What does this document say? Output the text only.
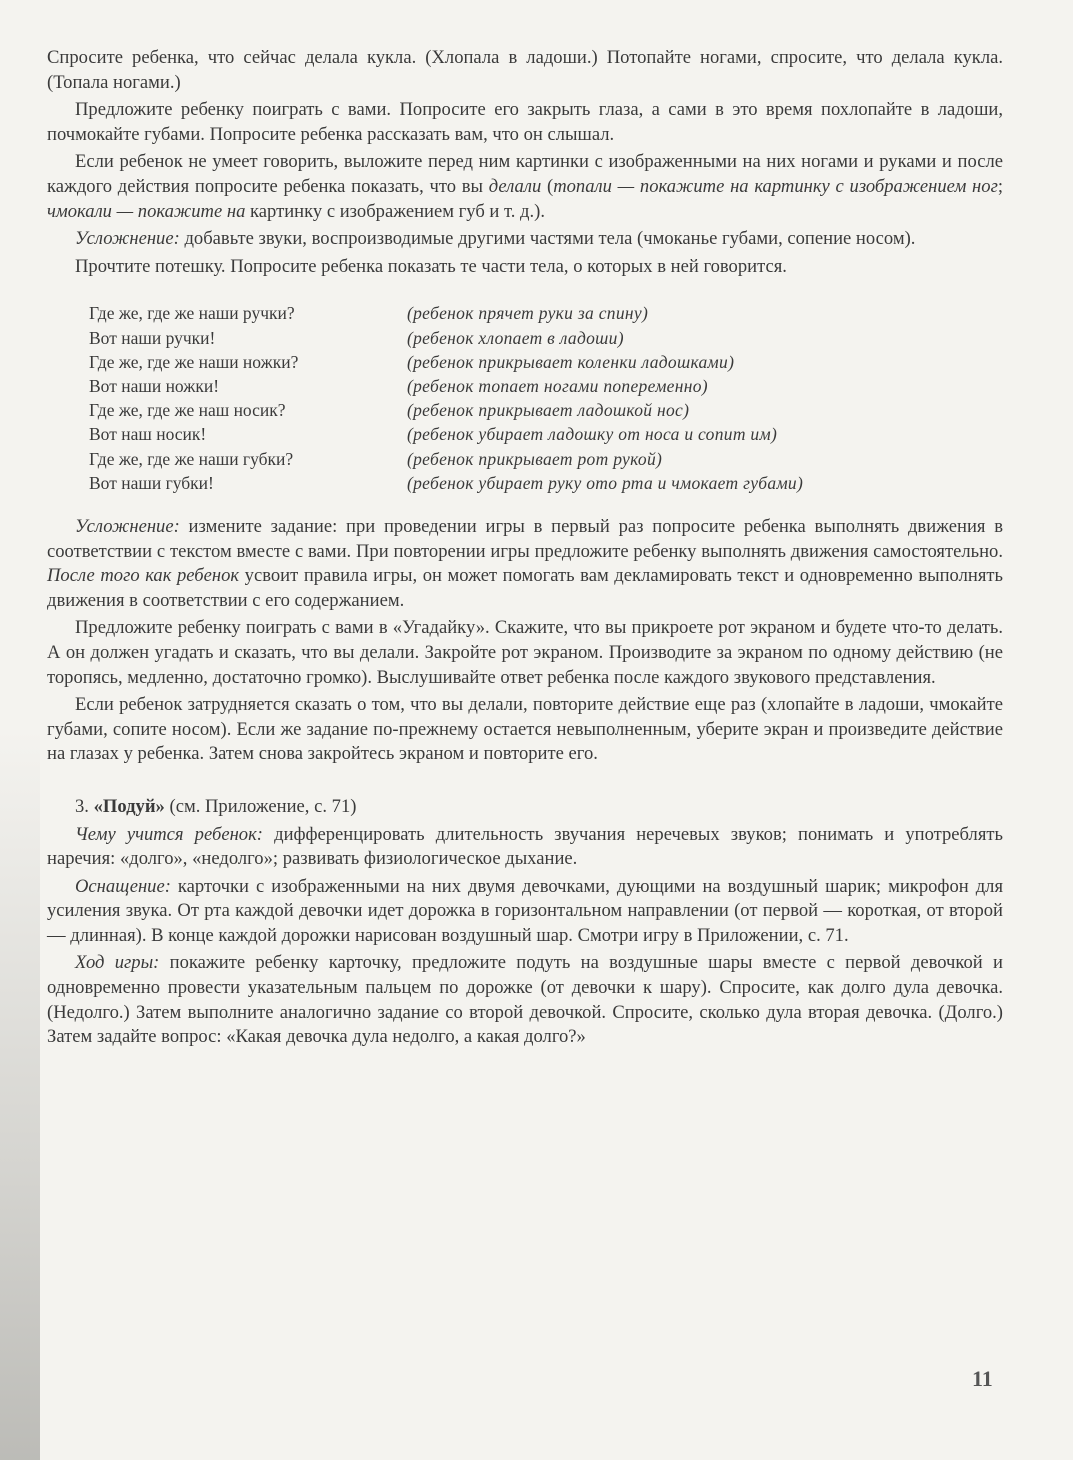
Спросите ребенка, что сейчас делала кукла. (Хлопала в ладоши.) Потопайте ногами, спросите, что делала кукла. (Топала ногами.)

Предложите ребенку поиграть с вами. Попросите его закрыть глаза, а сами в это время похлопайте в ладоши, почмокайте губами. Попросите ребенка рассказать вам, что он слышал.

Если ребенок не умеет говорить, выложите перед ним картинки с изображенными на них ногами и руками и после каждого действия попросите ребенка показать, что вы делали (топали — покажите на картинку с изображением ног; чмокали — покажите на картинку с изображением губ и т. д.).

Усложнение: добавьте звуки, воспроизводимые другими частями тела (чмоканье губами, сопение носом).

Прочтите потешку. Попросите ребенка показать те части тела, о которых в ней говорится.

Где же, где же наши ручки?	(ребенок прячет руки за спину)
Вот наши ручки!	(ребенок хлопает в ладоши)
Где же, где же наши ножки?	(ребенок прикрывает коленки ладошками)
Вот наши ножки!	(ребенок топает ногами попеременно)
Где же, где же наш носик?	(ребенок прикрывает ладошкой нос)
Вот наш носик!	(ребенок убирает ладошку от носа и сопит им)
Где же, где же наши губки?	(ребенок прикрывает рот рукой)
Вот наши губки!	(ребенок убирает руку ото рта и чмокает губами)

Усложнение: измените задание: при проведении игры в первый раз попросите ребенка выполнять движения в соответствии с текстом вместе с вами. При повторении игры предложите ребенку выполнять движения самостоятельно. После того как ребенок усвоит правила игры, он может помогать вам декламировать текст и одновременно выполнять движения в соответствии с его содержанием.

Предложите ребенку поиграть с вами в «Угадайку». Скажите, что вы прикроете рот экраном и будете что-то делать. А он должен угадать и сказать, что вы делали. Закройте рот экраном. Производите за экраном по одному действию (не торопясь, медленно, достаточно громко). Выслушивайте ответ ребенка после каждого звукового представления.

Если ребенок затрудняется сказать о том, что вы делали, повторите действие еще раз (хлопайте в ладоши, чмокайте губами, сопите носом). Если же задание по-прежнему остается невыполненным, уберите экран и произведите действие на глазах у ребенка. Затем снова закройтесь экраном и повторите его.

3. «Подуй» (см. Приложение, с. 71)

Чему учится ребенок: дифференцировать длительность звучания неречевых звуков; понимать и употреблять наречия: «долго», «недолго»; развивать физиологическое дыхание.

Оснащение: карточки с изображенными на них двумя девочками, дующими на воздушный шарик; микрофон для усиления звука. От рта каждой девочки идет дорожка в горизонтальном направлении (от первой — короткая, от второй — длинная). В конце каждой дорожки нарисован воздушный шар. Смотри игру в Приложении, с. 71.

Ход игры: покажите ребенку карточку, предложите подуть на воздушные шары вместе с первой девочкой и одновременно провести указательным пальцем по дорожке (от девочки к шару). Спросите, как долго дула девочка. (Недолго.) Затем выполните аналогично задание со второй девочкой. Спросите, сколько дула вторая девочка. (Долго.) Затем задайте вопрос: «Какая девочка дула недолго, а какая долго?»

11
